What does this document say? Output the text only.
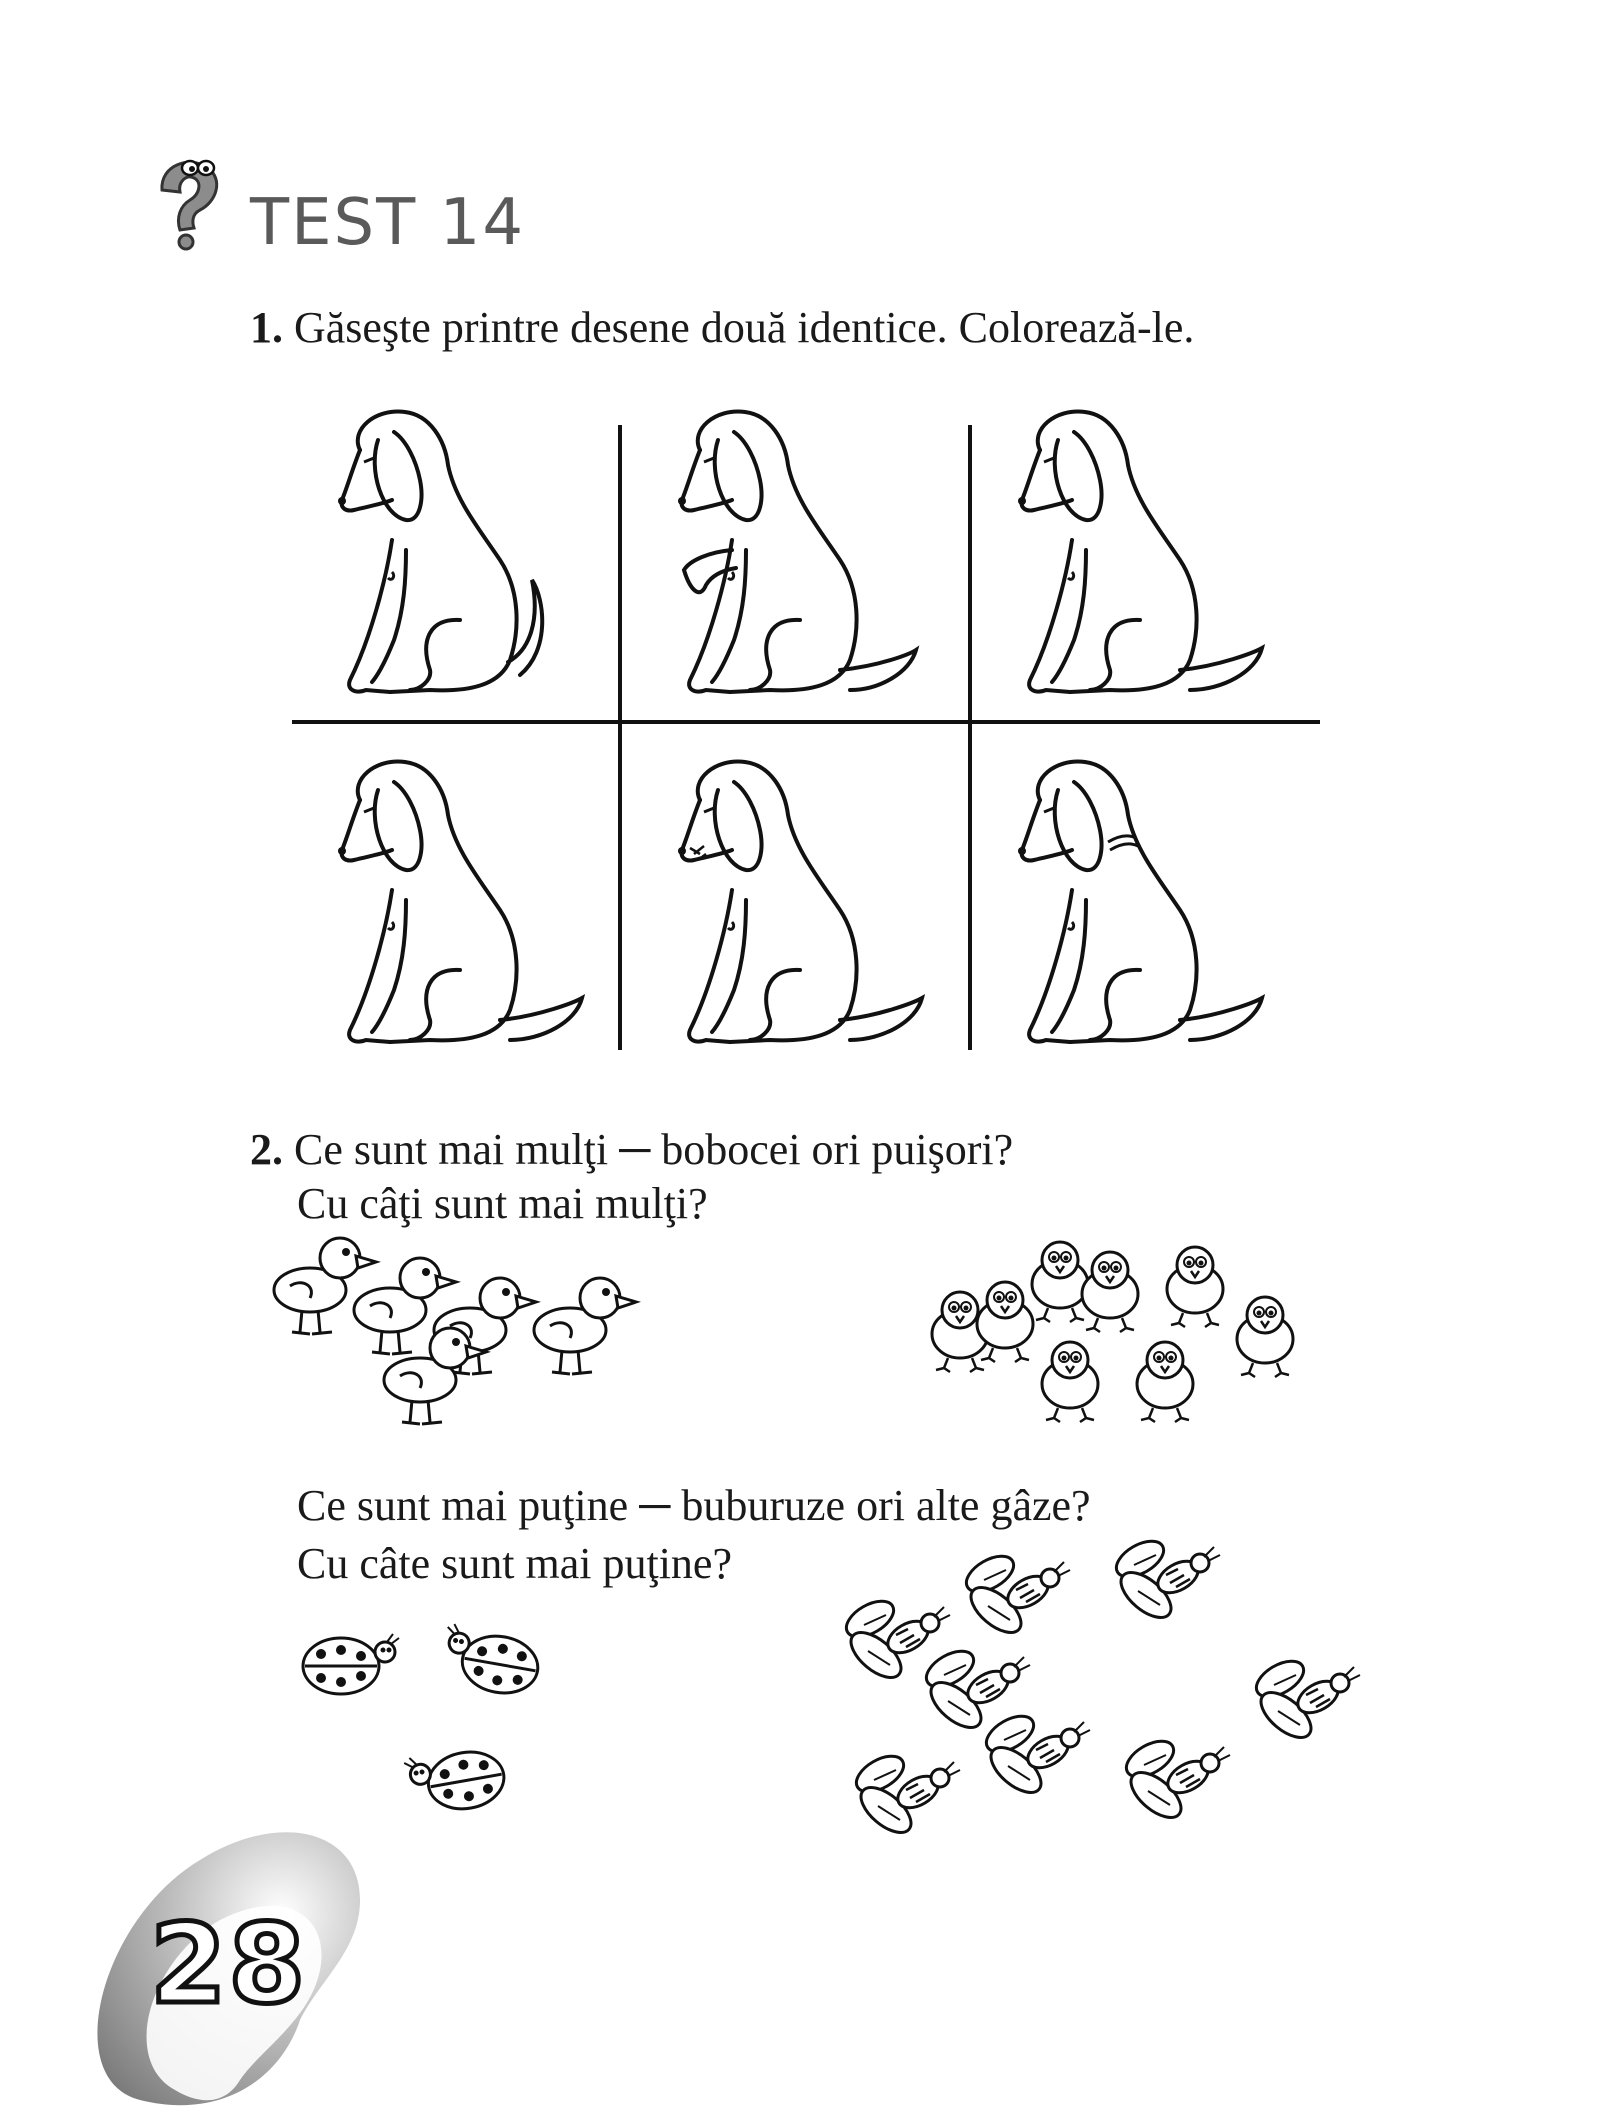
28
TEST 14

1. Găseşte printre desene două identice. Colorează-le.

2. Ce sunt mai mulţi ─ bobocei ori puişori?

Cu câţi sunt mai mulţi?

Ce sunt mai puţine ─ buburuze ori alte gâze?

Cu câte sunt mai puţine?
